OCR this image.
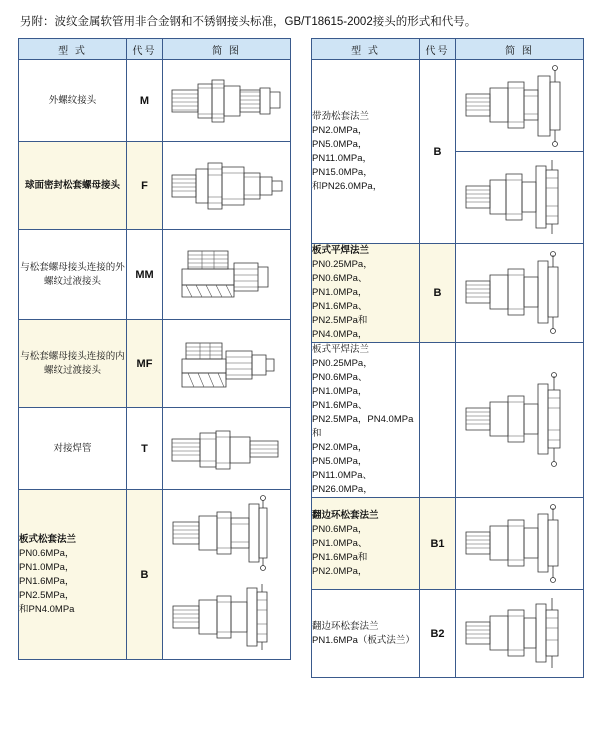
另附：波纹金属软管用非合金钢和不锈钢接头标准，GB/T18615-2002接头的形式和代号。
型 式	代号	简 图
外螺纹接头	M	

球面密封松套螺母接头	F	

与松套螺母接头连接的外螺纹过液接头	MM	

与松套螺母接头连接的内螺纹过渡接头	MF	

对接焊管	T	

板式松套法兰
PN0.6MPa，PN1.0MPa，
PN1.6MPa，PN2.5MPa，
和PN4.0MPa	B	
型 式	代号	简 图

带劲松套法兰
PN2.0MPa，PN5.0MPa，
PN11.0MPa，PN15.0MPa，
和PN26.0MPa，	B	

板式平焊法兰
PN0.25MPa，PN0.6MPa、
PN1.0MPa，PN1.6MPa、
PN2.5MPa和PN4.0MPa，	B	

板式平焊法兰
PN0.25MPa，PN0.6MPa、
PN1.0MPa，PN1.6MPa、
PN2.5MPa，PN4.0MPa 和
PN2.0MPa，PN5.0MPa，
PN11.0MPa、PN26.0MPa，

翻边环松套法兰
PN0.6MPa，PN1.0MPa、
PN1.6MPa和PN2.0MPa，	B1	

翻边环松套法兰
PN1.6MPa（板式法兰）	B2	
